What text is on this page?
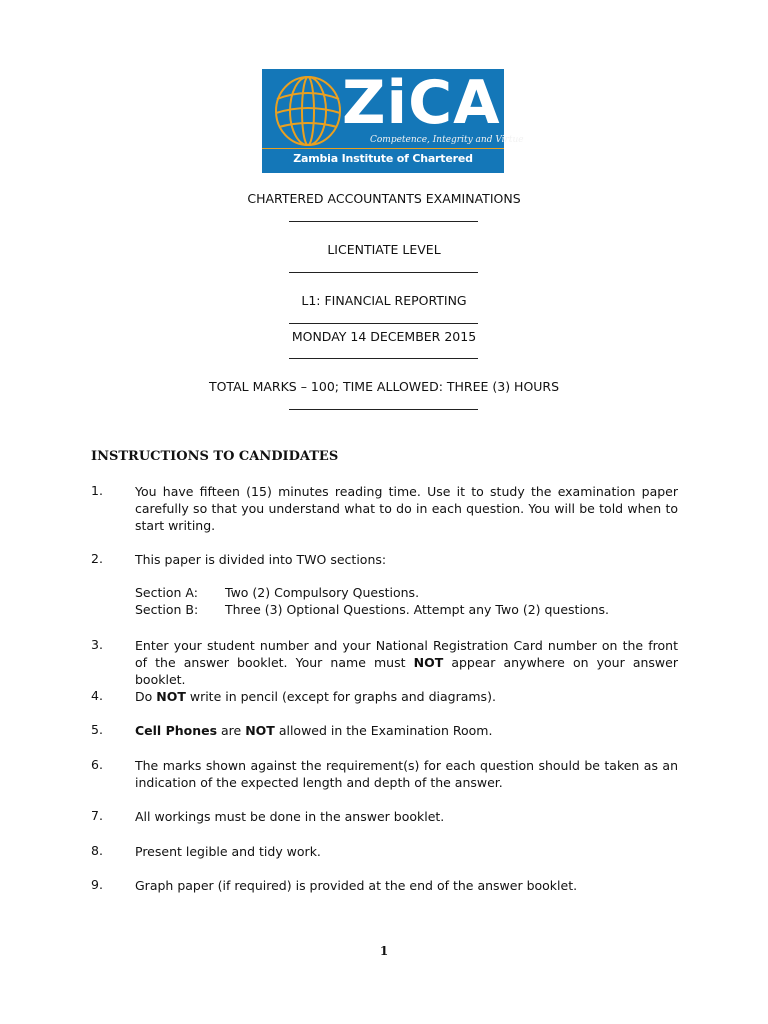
ZiCA
Competence, Integrity and Virtue
Zambia Institute of Chartered Accountants
CHARTERED ACCOUNTANTS EXAMINATIONS
LICENTIATE LEVEL
L1: FINANCIAL REPORTING
MONDAY 14 DECEMBER 2015
TOTAL MARKS – 100; TIME ALLOWED: THREE (3) HOURS
INSTRUCTIONS TO CANDIDATES
1.	You have fifteen (15) minutes reading time. Use it to study the examination paper carefully so that you understand what to do in each question. You will be told when to start writing.
2.	This paper is divided into TWO sections:
Section A: Two (2) Compulsory Questions.
Section B: Three (3) Optional Questions. Attempt any Two (2) questions.
3.	Enter your student number and your National Registration Card number on the front of the answer booklet. Your name must NOT appear anywhere on your answer booklet.
4.	Do NOT write in pencil (except for graphs and diagrams).
5.	Cell Phones are NOT allowed in the Examination Room.
6.	The marks shown against the requirement(s) for each question should be taken as an indication of the expected length and depth of the answer.
7.	All workings must be done in the answer booklet.
8.	Present legible and tidy work.
9.	Graph paper (if required) is provided at the end of the answer booklet.
1
